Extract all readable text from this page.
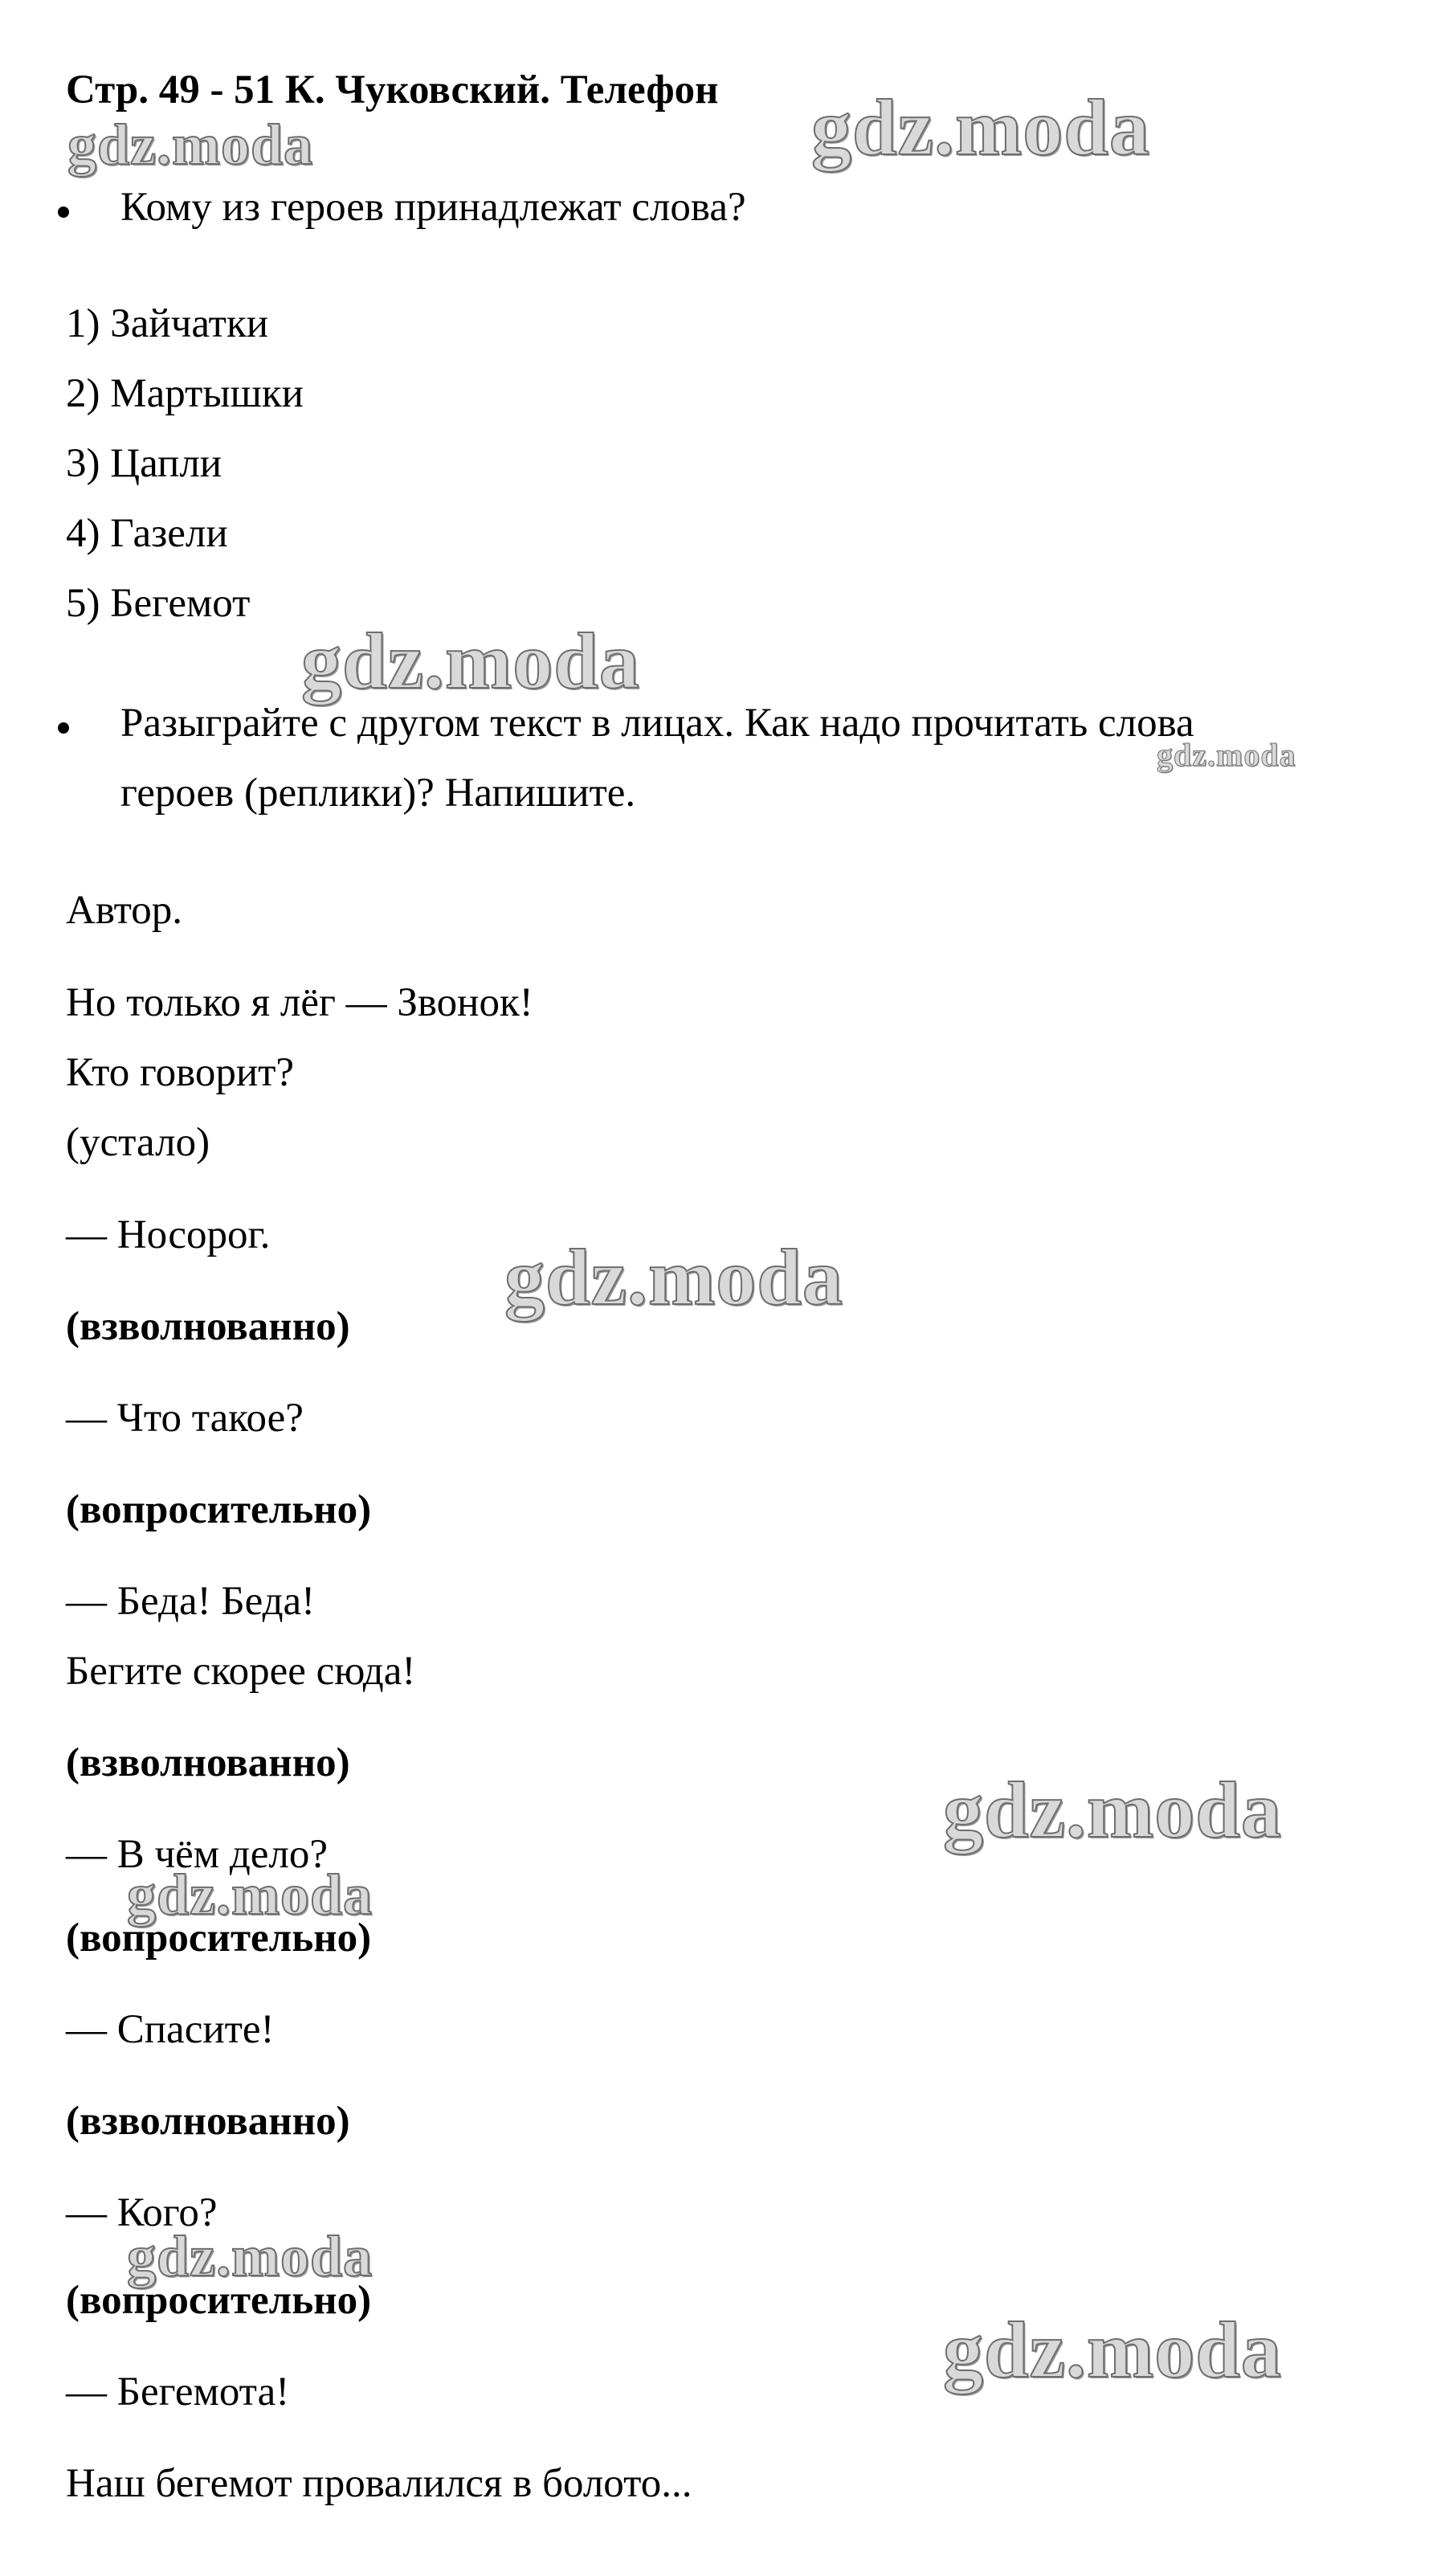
Стр. 49 - 51 К. Чуковский. Телефон
Кому из героев принадлежат слова?
1) Зайчатки
2) Мартышки
3) Цапли
4) Газели
5) Бегемот
Разыграйте с другом текст в лицах. Как надо прочитать слова
героев (реплики)? Напишите.
Автор.
Но только я лёг — Звонок!
Кто говорит?
(устало)
— Носорог.
(взволнованно)
— Что такое?
(вопросительно)
— Беда! Беда!
Бегите скорее сюда!
(взволнованно)
— В чём дело?
(вопросительно)
— Спасите!
(взволнованно)
— Кого?
(вопросительно)
— Бегемота!
Наш бегемот провалился в болото...
gdz.moda
gdz.moda
gdz.moda
gdz.moda
gdz.moda
gdz.moda
gdz.moda
gdz.moda
gdz.moda
